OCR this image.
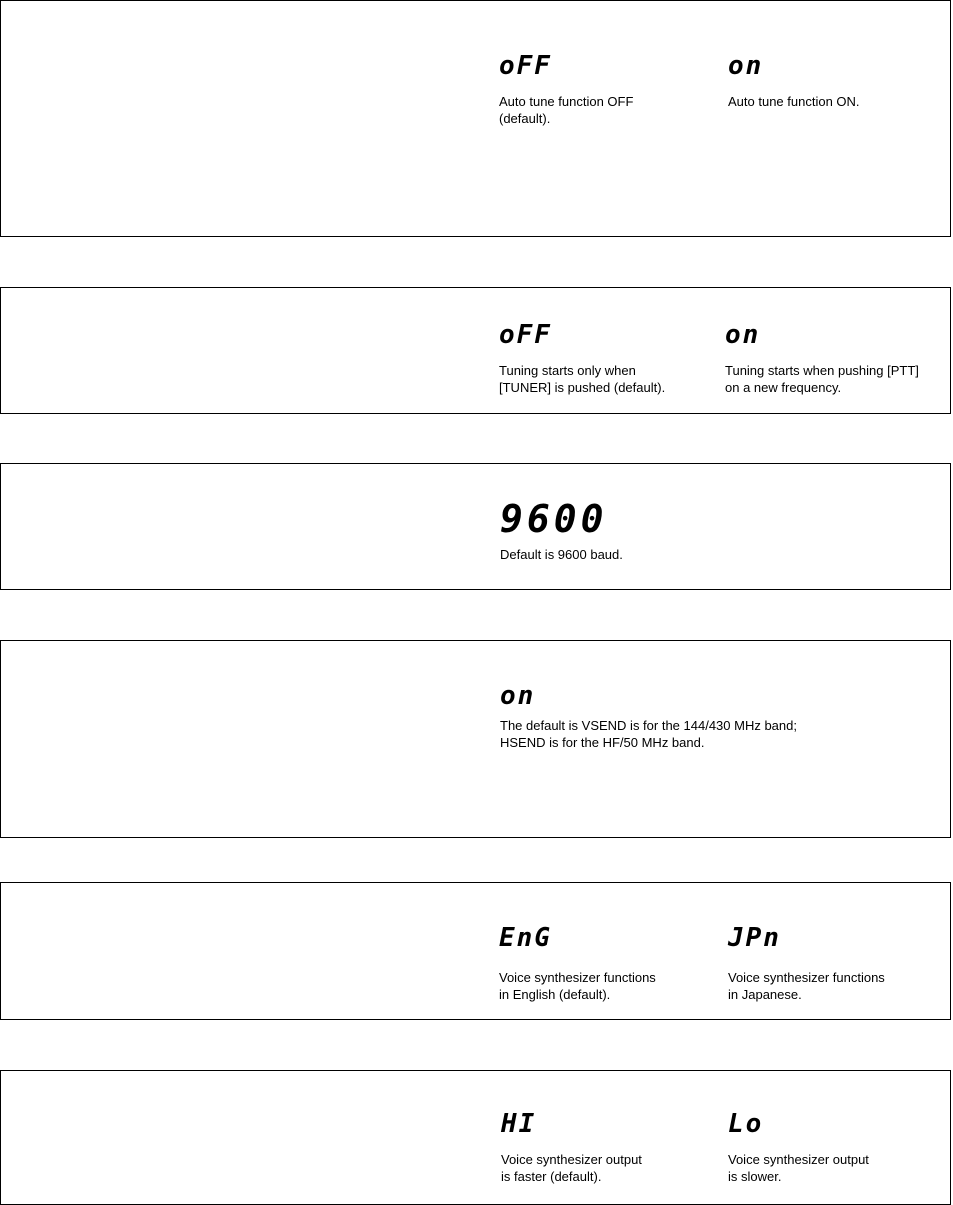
oFF
Auto tune function OFF
(default).
on
Auto tune function ON.
oFF
Tuning starts only when
[TUNER] is pushed (default).
on
Tuning starts when pushing [PTT]
on a new frequency.
9600
Default is 9600 baud.
on
The default is VSEND is for the 144/430 MHz band;
HSEND is for the HF/50 MHz band.
EnG
Voice synthesizer functions
in English (default).
JPn
Voice synthesizer functions
in Japanese.
HI
Voice synthesizer output
is faster (default).
Lo
Voice synthesizer output
is slower.
